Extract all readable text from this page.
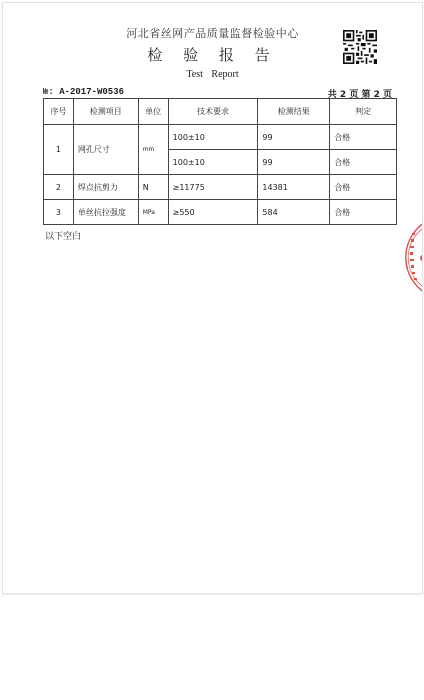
河北省丝网产品质量监督检验中心
检 验 报 告
Test Report
№: A-2017-W0536	共 2 页 第 2 页
序号	检测项目	单位	技术要求	检测结果	判定
1	网孔尺寸	mm	100±10	99	合格
			100±10	99	合格
2	焊点抗剪力	N	≥11775	14381	合格
3	单丝抗拉强度	MPa	≥550	584	合格
以下空白
